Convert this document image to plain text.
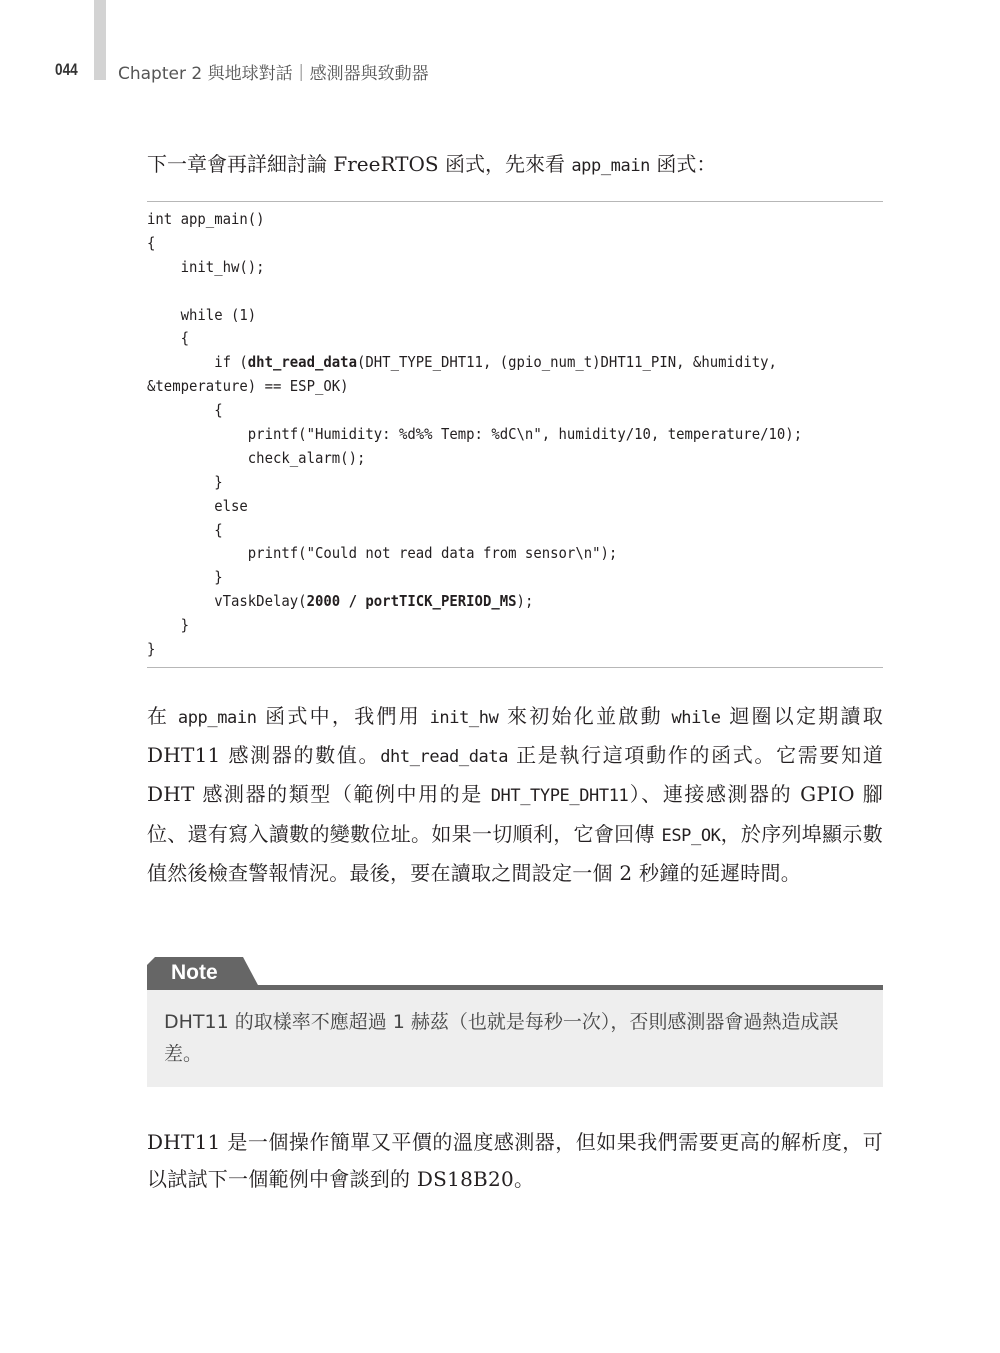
044 Chapter 2 與地球對話｜感測器與致動器
下一章會再詳細討論 FreeRTOS 函式，先來看 app_main 函式：
int app_main()
{
init_hw();
while (1)
{
if (dht_read_data(DHT_TYPE_DHT11, (gpio_num_t)DHT11_PIN, &humidity,
&temperature) == ESP_OK)
{
printf("Humidity: %d%% Temp: %dC\n", humidity/10, temperature/10);
check_alarm();
}
else
{
printf("Could not read data from sensor\n");
}
vTaskDelay(2000 / portTICK_PERIOD_MS);
}
}
在 app_main 函式中，我們用 init_hw 來初始化並啟動 while 迴圈以定期讀取 DHT11 感測器的數值。dht_read_data 正是執行這項動作的函式。它需要知道 DHT 感測器的類型（範例中用的是 DHT_TYPE_DHT11）、連接感測器的 GPIO 腳位、還有寫入讀數的變數位址。如果一切順利，它會回傳 ESP_OK，於序列埠顯示數值然後檢查警報情況。最後，要在讀取之間設定一個 2 秒鐘的延遲時間。
Note
DHT11 的取樣率不應超過 1 赫茲（也就是每秒一次），否則感測器會過熱造成誤差。
DHT11 是一個操作簡單又平價的溫度感測器，但如果我們需要更高的解析度，可以試試下一個範例中會談到的 DS18B20。
